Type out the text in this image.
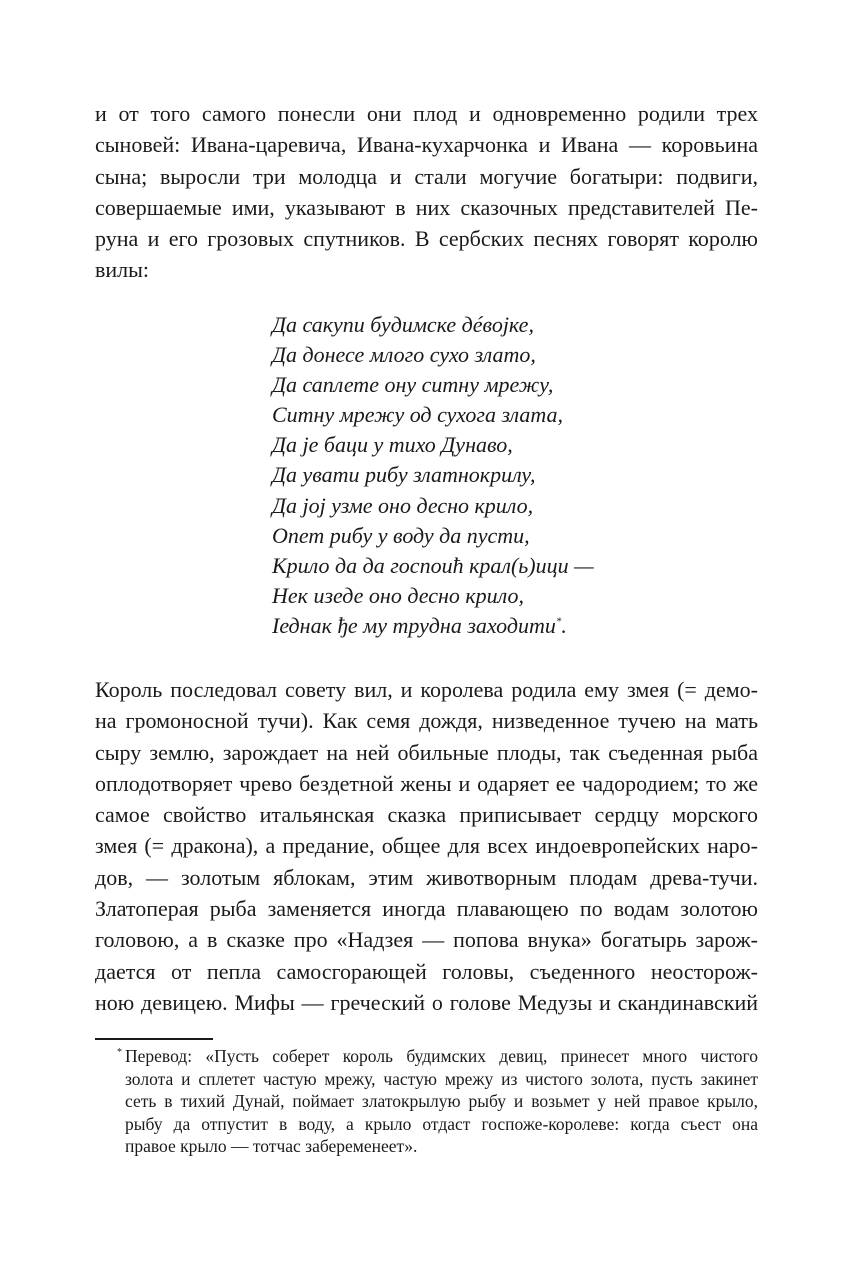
и от того самого понесли они плод и одновременно родили трех
сыновей: Ивана-царевича, Ивана-кухарчонка и Ивана — коровьина
сына; выросли три молодца и стали могучие богатыри: подвиги,
совершаемые ими, указывают в них сказочных представителей Пе-
руна и его грозовых спутников. В сербских песнях говорят королю
вилы:
Да сакупи будимске дéвојке,
Да донесе млого сухо злато,
Да саплете ону ситну мрежу,
Ситну мрежу од сухога злата,
Да је баци у тихо Дунаво,
Да увати рибу златнокрилу,
Да јој узме оно десно крило,
Опет рибу у воду да пусти,
Крило да да госпоић крал(ь)ици —
Нек изеде оно десно крило,
Іеднак ђе му трудна заходити*.
Король последовал совету вил, и королева родила ему змея (= демо-
на громоносной тучи). Как семя дождя, низведенное тучею на мать
сыру землю, зарождает на ней обильные плоды, так съеденная рыба
оплодотворяет чрево бездетной жены и одаряет ее чадородием; то же
самое свойство итальянская сказка приписывает сердцу морского
змея (= дракона), а предание, общее для всех индоевропейских наро-
дов, — золотым яблокам, этим животворным плодам древа-тучи.
Златоперая рыба заменяется иногда плавающею по водам золотою
головою, а в сказке про «Надзея — попова внука» богатырь зарож-
дается от пепла самосгорающей головы, съеденного неосторож-
ною девицею. Мифы — греческий о голове Медузы и скандинавский
* Перевод: «Пусть соберет король будимских девиц, принесет много чистого
золота и сплетет частую мрежу, частую мрежу из чистого золота, пусть закинет
сеть в тихий Дунай, поймает златокрылую рыбу и возьмет у ней правое крыло,
рыбу да отпустит в воду, а крыло отдаст госпоже-королеве: когда съест она
правое крыло — тотчас забеременеет».
